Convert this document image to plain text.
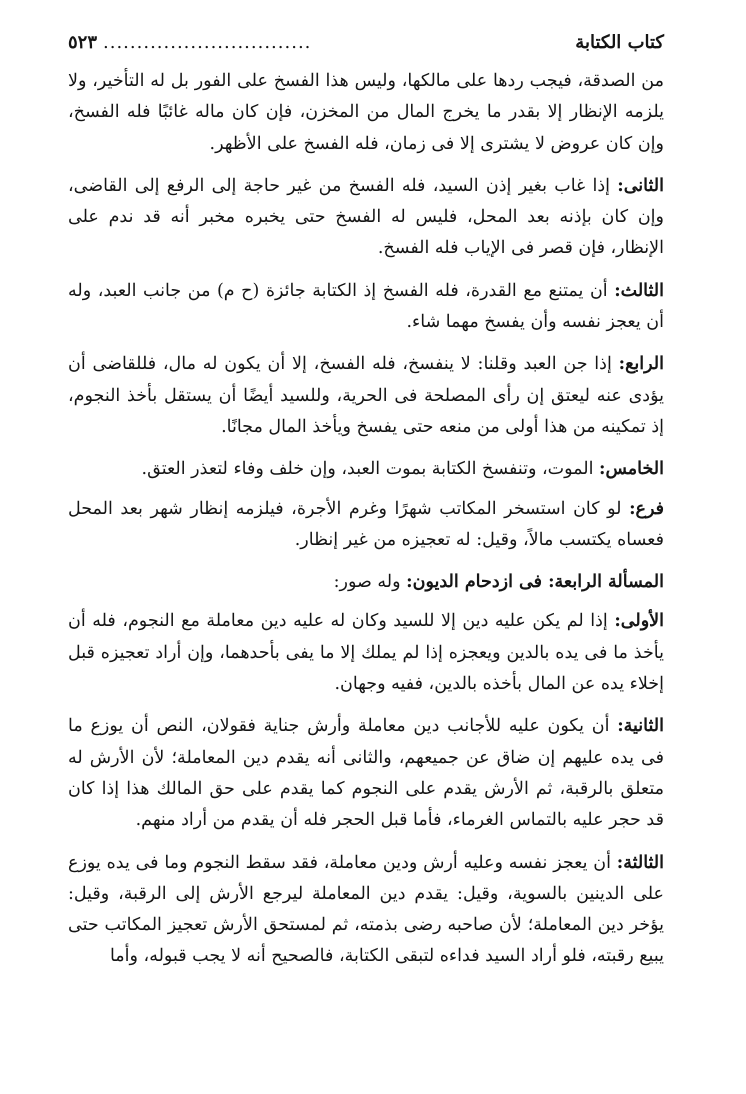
كتاب الكتابة
...............................
٥٢٣

من الصدقة، فيجب ردها على مالكها، وليس هذا الفسخ على الفور بل له التأخير، ولا يلزمه الإنظار إلا بقدر ما يخرج المال من المخزن، فإن كان ماله غائبًا فله الفسخ، وإن كان عروض لا يشترى إلا فى زمان، فله الفسخ على الأظهر.

الثانى: إذا غاب بغير إذن السيد، فله الفسخ من غير حاجة إلى الرفع إلى القاضى، وإن كان بإذنه بعد المحل، فليس له الفسخ حتى يخبره مخبر أنه قد ندم على الإنظار، فإن قصر فى الإياب فله الفسخ.

الثالث: أن يمتنع مع القدرة، فله الفسخ إذ الكتابة جائزة (ح م) من جانب العبد، وله أن يعجز نفسه وأن يفسخ مهما شاء.

الرابع: إذا جن العبد وقلنا: لا ينفسخ، فله الفسخ، إلا أن يكون له مال، فللقاضى أن يؤدى عنه ليعتق إن رأى المصلحة فى الحرية، وللسيد أيضًا أن يستقل بأخذ النجوم، إذ تمكينه من هذا أولى من منعه حتى يفسخ ويأخذ المال مجانًا.

الخامس: الموت، وتنفسخ الكتابة بموت العبد، وإن خلف وفاء لتعذر العتق.

فرع: لو كان استسخر المكاتب شهرًا وغرم الأجرة، فيلزمه إنظار شهر بعد المحل فعساه يكتسب مالاً، وقيل: له تعجيزه من غير إنظار.

المسألة الرابعة: فى ازدحام الديون: وله صور:

الأولى: إذا لم يكن عليه دين إلا للسيد وكان له عليه دين معاملة مع النجوم، فله أن يأخذ ما فى يده بالدين ويعجزه إذا لم يملك إلا ما يفى بأحدهما، وإن أراد تعجيزه قبل إخلاء يده عن المال بأخذه بالدين، ففيه وجهان.

الثانية: أن يكون عليه للأجانب دين معاملة وأرش جناية فقولان، النص أن يوزع ما فى يده عليهم إن ضاق عن جميعهم، والثانى أنه يقدم دين المعاملة؛ لأن الأرش له متعلق بالرقبة، ثم الأرش يقدم على النجوم كما يقدم على حق المالك هذا إذا كان قد حجر عليه بالتماس الغرماء، فأما قبل الحجر فله أن يقدم من أراد منهم.

الثالثة: أن يعجز نفسه وعليه أرش ودين معاملة، فقد سقط النجوم وما فى يده يوزع على الدينين بالسوية، وقيل: يقدم دين المعاملة ليرجع الأرش إلى الرقبة، وقيل: يؤخر دين المعاملة؛ لأن صاحبه رضى بذمته، ثم لمستحق الأرش تعجيز المكاتب حتى يبيع رقبته، فلو أراد السيد فداءه لتبقى الكتابة، فالصحيح أنه لا يجب قبوله، وأما
